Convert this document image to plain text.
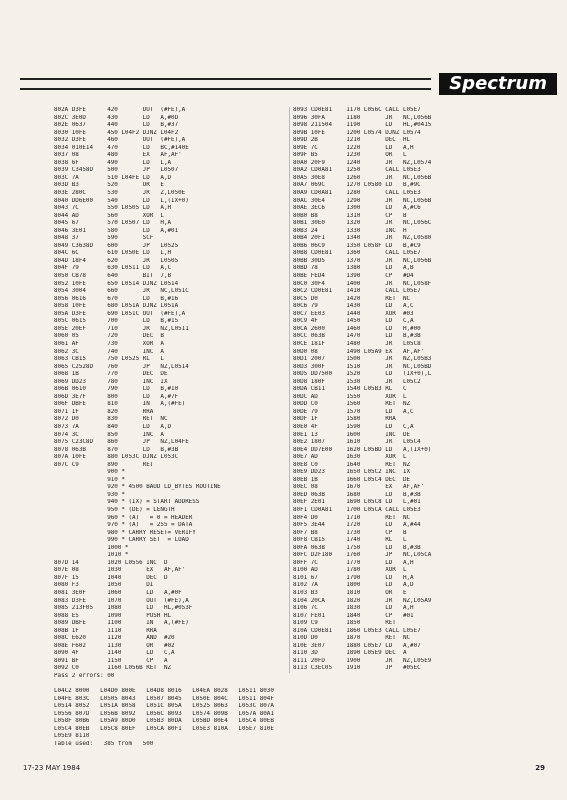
Spectrum
802A D3FE      420       OUT  (#FE),A
802C 3E0D      430       LD   A,#0D
802E 0637      440       LD   B,#37
8030 10FE      450 L04F2 DJNZ L04F2
8032 D3FE      460       OUT  (#FE),A
8034 010E14    470       LD   BC,#140E
8037 08        480       EX   AF,AF'
8038 6F        490       LD   L,A
8039 C3458D    500       JP   L0507
803C 7A        510 L04FE LD   A,D
803D B3        520       OR   E
803E 280C      530       JR   Z,L050E
8040 DD6E00    540       LD   L,(IX+0)
8043 7C        550 L0505 LD   A,H
8044 AD        560       XOR  L
8045 67        570 L0507 LD   H,A
8046 3E01      580       LD   A,#01
8048 37        590       SCF
8049 C3638D    600       JP   L0525
804C 6C        610 L050E LD   L,H
804D 18F4      620       JR   L0505
804F 79        630 L0511 LD   A,C
8050 CB78      640       BIT  7,B
8052 10FE      650 L0514 DJNZ L0514
8054 3004      660       JR   NC,L051C
8056 0616      670       LD   B,#16
8058 10FE      680 L051A DJNZ L051A
805A D3FE      690 L051C OUT  (#FE),A
805C 0615      700       LD   B,#15
805E 20EF      710       JR   NZ,L0511
8060 05        720       DEC  B
8061 AF        730       XOR  A
8062 3C        740       INC  A
8063 CB15      750 L0525 RL   L
8065 C2528D    760       JP   NZ,L0514
8068 1B        770       DEC  DE
8069 DD23      780       INC  IX
806B 0610      790       LD   B,#10
806D 3E7F      800       LD   A,#7F
806F DBFE      810       IN   A,(#FE)
8071 1F        820       RRA
8072 D0        830       RET  NC
8073 7A        840       LD   A,D
8074 3C        850       INC  A
8075 C23C8D    860       JP   NZ,L04FE
8078 063B      870       LD   B,#3B
807A 10FE      880 L053C DJNZ L053C
807C C9        890       RET
900 *
910 *
920 * 4500 BAUD LD_BYTES ROUTINE
930 *
940 * (IX) = START ADDRESS
950 * (DE) = LENGTH
960 * (A)   = 0 = HEADER
970 * (A)   = 255 = DATA
980 * CARRY RESET= VERIFY
990 * CARRY SET  = LOAD
1000 *
1010 *
807D 14        1020 L0556 INC  D
807E 08        1030       EX   AF,AF'
807F 15        1040       DEC  D
8080 F3        1050       DI
8081 3E0F      1060       LD   A,#0F
8083 D3FE      1070       OUT  (#FE),A
8085 213F05    1080       LD   HL,#053F
8088 E5        1090       PUSH HL
8089 DBFE      1100       IN   A,(#FE)
808B 1F        1110       RRA
808C E620      1120       AND  #20
808E F602      1130       OR   #02
8090 4F        1140       LD   C,A
8091 BF        1150       CP   A
8092 C0        1160 L056B RET  NZ
Pass 2 errors: 00
L04C2 8000   L04D0 800E   L04D8 8016   L04EA 8028   L0511 8030
L04FE 803C   L0505 8043   L0507 8045   L050E 804C   L0511 804F
L0514 8052   L051A 8058   L051C 805A   L0525 8063   L053C 807A
L0556 807D   L056B 8092   L056C 8093   L0574 809B   L057A 80A1
L058F 80B6   L05A9 80D0   L05B3 80DA   L05BD 80E4   L05C4 80EB
L05C4 80EB   L05C8 80EF   L05CA 80F1   L05E3 810A   L05E7 810E
L05E9 8110
Table used:   385 from   500
8093 CD0E81    1170 L056C CALL L05E7
8096 30FA      1180       JR   NC,L056B
8098 211504    1190       LD   HL,#0415
809B 10FE      1200 L0574 DJNZ L0574
809D 2B        1210       DEC  HL
809E 7C        1220       LD   A,H
809F B5        1230       OR   L
80A0 20F9      1240       JR   NZ,L0574
80A2 CD0A81    1250       CALL L05E3
80A5 30E8      1260       JR   NC,L056B
80A7 069C      1270 L0580 LD   B,#9C
80A9 CD0A81    1280       CALL L05E3
80AC 30E4      1290       JR   NC,L056B
80AE 3EC6      1300       LD   A,#C6
80B0 B8        1310       CP   B
80B1 30E0      1320       JR   NC,L056C
80B3 24        1330       INC  H
80B4 20F1      1340       JR   NZ,L0580
80B6 06C9      1350 L058F LD   B,#C9
80B8 CD0E81    1360       CALL L05E7
80BB 30D5      1370       JR   NC,L056B
80BD 78        1380       LD   A,B
80BE FED4      1390       CP   #D4
80C0 30F4      1400       JR   NC,L058F
80C2 CD0E81    1410       CALL L05E7
80C5 D0        1420       RET  NC
80C6 79        1430       LD   A,C
80C7 EE03      1440       XOR  #03
80C9 4F        1450       LD   C,A
80CA 2600      1460       LD   H,#00
80CC 063B      1470       LD   B,#3B
80CE 181F      1480       JR   L05C8
80D0 08        1490 L05A9 EX   AF,AF'
80D1 2007      1500       JR   NZ,L05B3
80D3 300F      1510       JR   NC,L05BD
80D5 DD7500    1520       LD   (IX+0),L
80D8 180F      1530       JR   L05C2
80DA CB11      1540 L05B3 RL   C
80DC AD        1550       XOR  L
80DD C0        1560       RET  NZ
80DE 79        1570       LD   A,C
80DF 1F        1580       RRA
80E0 4F        1590       LD   C,A
80E1 13        1600       INC  DE
80E2 1807      1610       JR   L05C4
80E4 DD7E00    1620 L05BD LD   A,(IX+0)
80E7 AD        1630       XOR  L
80E8 C0        1640       RET  NZ
80E9 DD23      1650 L05C2 INC  IX
80EB 1B        1660 L05C4 DEC  DE
80EC 08        1670       EX   AF,AF'
80ED 063B      1680       LD   B,#3B
80EF 2E01      1690 L05C8 LD   L,#01
80F1 CD0A81    1700 L05CA CALL L05E3
80F4 D0        1710       RET  NC
80F5 3E44      1720       LD   A,#44
80F7 B8        1730       CP   B
80F8 CB15      1740       RL   L
80FA 063B      1750       LD   B,#3B
80FC D2F180    1760       JP   NC,L05CA
80FF 7C        1770       LD   A,H
8100 AD        1780       XOR  L
8101 67        1790       LD   H,A
8102 7A        1800       LD   A,D
8103 B3        1810       OR   E
8104 20CA      1820       JR   NZ,L05A9
8106 7C        1830       LD   A,H
8107 FE01      1840       CP   #01
8109 C9        1850       RET
810A CD0E81    1860 L05E3 CALL L05E7
810D D0        1870       RET  NC
810E 3E07      1880 L05E7 LD   A,#07
8110 3D        1890 L05E9 DEC  A
8111 20FD      1900       JR   NZ,L05E9
8113 C3EC05    1910       JP   #05EC
17-23 MAY 1984	29
